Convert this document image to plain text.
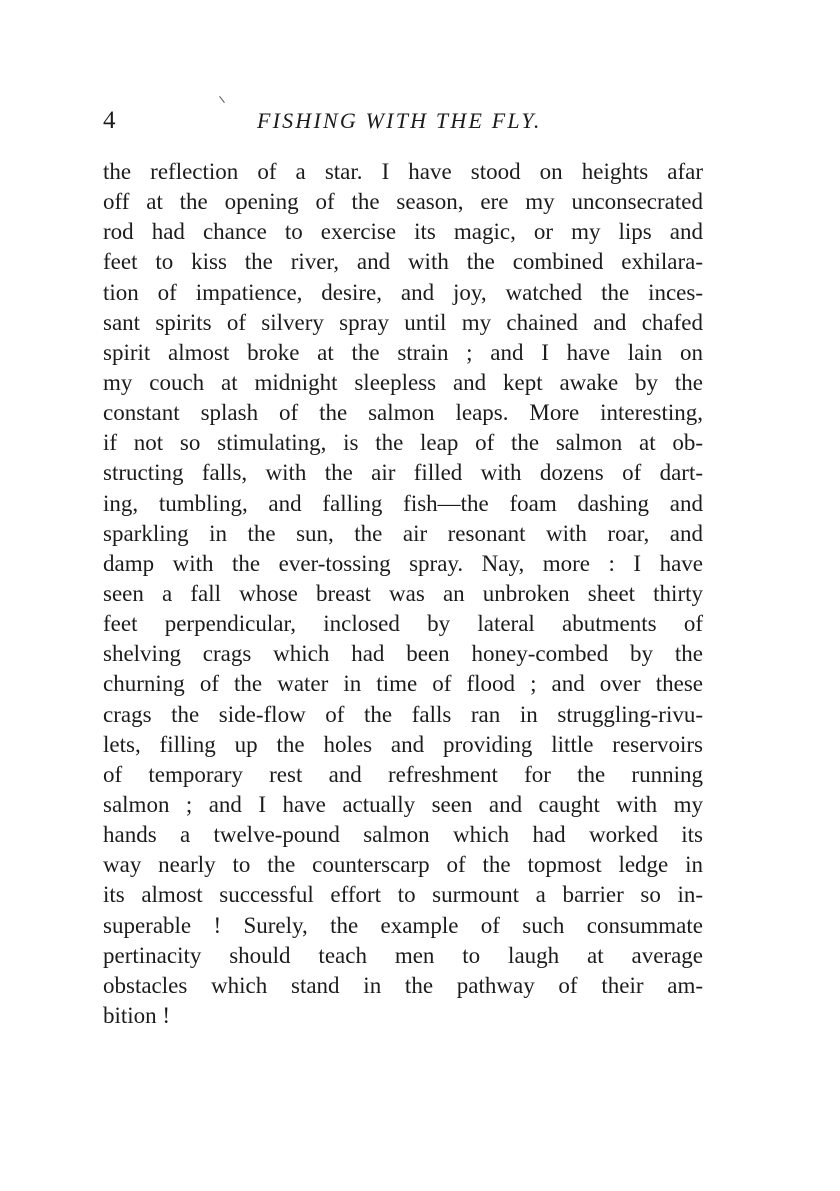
4	FISHING WITH THE FLY.
the reflection of a star. I have stood on heights afar
off at the opening of the season, ere my unconsecrated
rod had chance to exercise its magic, or my lips and
feet to kiss the river, and with the combined exhilara-
tion of impatience, desire, and joy, watched the inces-
sant spirits of silvery spray until my chained and chafed
spirit almost broke at the strain ; and I have lain on
my couch at midnight sleepless and kept awake by the
constant splash of the salmon leaps. More interesting,
if not so stimulating, is the leap of the salmon at ob-
structing falls, with the air filled with dozens of dart-
ing, tumbling, and falling fish—the foam dashing and
sparkling in the sun, the air resonant with roar, and
damp with the ever-tossing spray. Nay, more : I have
seen a fall whose breast was an unbroken sheet thirty
feet perpendicular, inclosed by lateral abutments of
shelving crags which had been honey-combed by the
churning of the water in time of flood ; and over these
crags the side-flow of the falls ran in struggling-rivu-
lets, filling up the holes and providing little reservoirs
of temporary rest and refreshment for the running
salmon ; and I have actually seen and caught with my
hands a twelve-pound salmon which had worked its
way nearly to the counterscarp of the topmost ledge in
its almost successful effort to surmount a barrier so in-
superable ! Surely, the example of such consummate
pertinacity should teach men to laugh at average
obstacles which stand in the pathway of their am-
bition !
